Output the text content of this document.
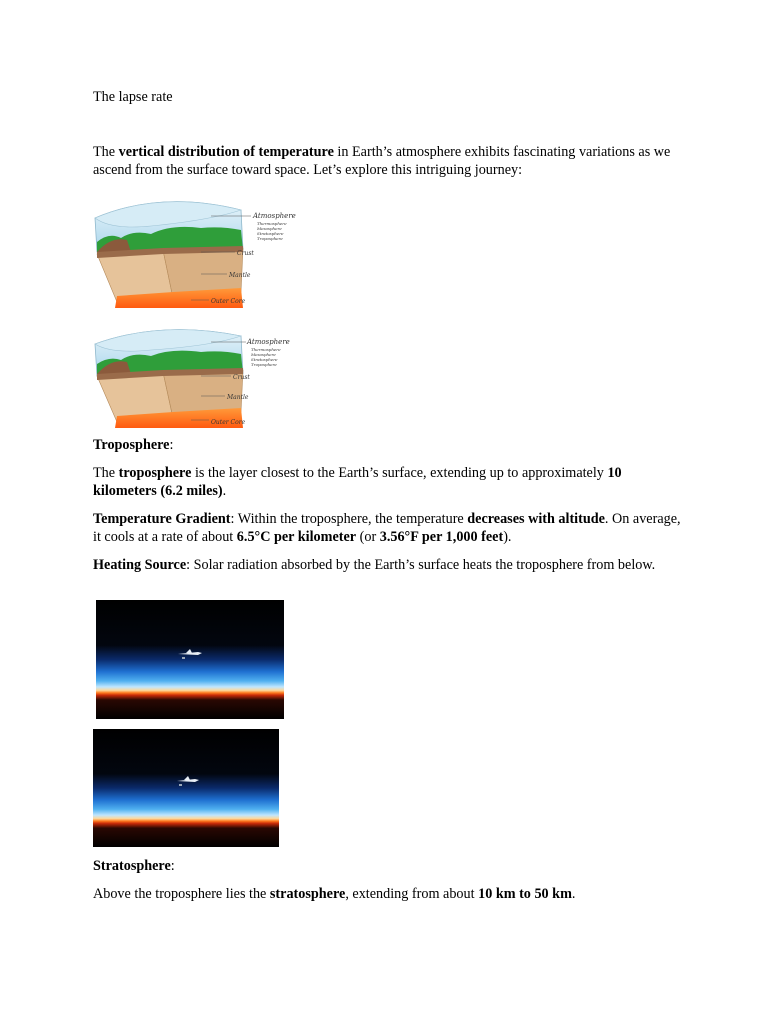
The lapse rate

The vertical distribution of temperature in Earth’s atmosphere exhibits fascinating variations as we ascend from the surface toward space. Let’s explore this intriguing journey:

Atmosphere
Thermosphere
Mesosphere
Stratosphere
Troposphere
Crust
Mantle
Outer Core
Atmosphere
Thermosphere
Mesosphere
Stratosphere
Troposphere
Crust
Mantle
Outer Core

Troposphere:

The troposphere is the layer closest to the Earth’s surface, extending up to approximately 10 kilometers (6.2 miles).

Temperature Gradient: Within the troposphere, the temperature decreases with altitude. On average, it cools at a rate of about 6.5°C per kilometer (or 3.56°F per 1,000 feet).

Heating Source: Solar radiation absorbed by the Earth’s surface heats the troposphere from below.

Stratosphere:

Above the troposphere lies the stratosphere, extending from about 10 km to 50 km.
